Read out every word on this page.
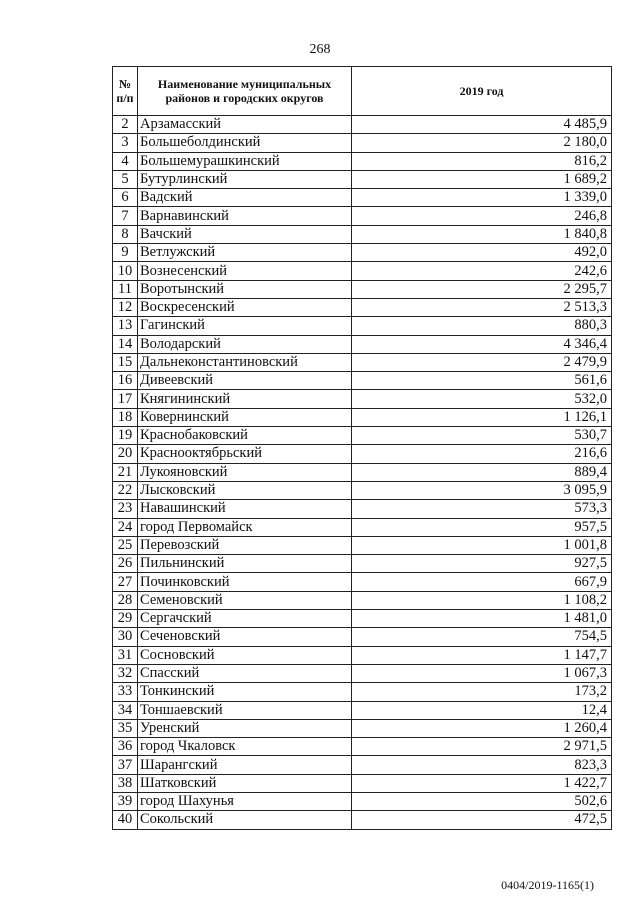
268
№ п/п	Наименование муниципальных районов и городских округов	2019 год
2	Арзамасский	4 485,9
3	Большеболдинский	2 180,0
4	Большемурашкинский	816,2
5	Бутурлинский	1 689,2
6	Вадский	1 339,0
7	Варнавинский	246,8
8	Вачский	1 840,8
9	Ветлужский	492,0
10	Вознесенский	242,6
11	Воротынский	2 295,7
12	Воскресенский	2 513,3
13	Гагинский	880,3
14	Володарский	4 346,4
15	Дальнеконстантиновский	2 479,9
16	Дивеевский	561,6
17	Княгининский	532,0
18	Ковернинский	1 126,1
19	Краснобаковский	530,7
20	Краснооктябрьский	216,6
21	Лукояновский	889,4
22	Лысковский	3 095,9
23	Навашинский	573,3
24	город Первомайск	957,5
25	Перевозский	1 001,8
26	Пильнинский	927,5
27	Починковский	667,9
28	Семеновский	1 108,2
29	Сергачский	1 481,0
30	Сеченовский	754,5
31	Сосновский	1 147,7
32	Спасский	1 067,3
33	Тонкинский	173,2
34	Тоншаевский	12,4
35	Уренский	1 260,4
36	город Чкаловск	2 971,5
37	Шарангский	823,3
38	Шатковский	1 422,7
39	город Шахунья	502,6
40	Сокольский	472,5
0404/2019-1165(1)
